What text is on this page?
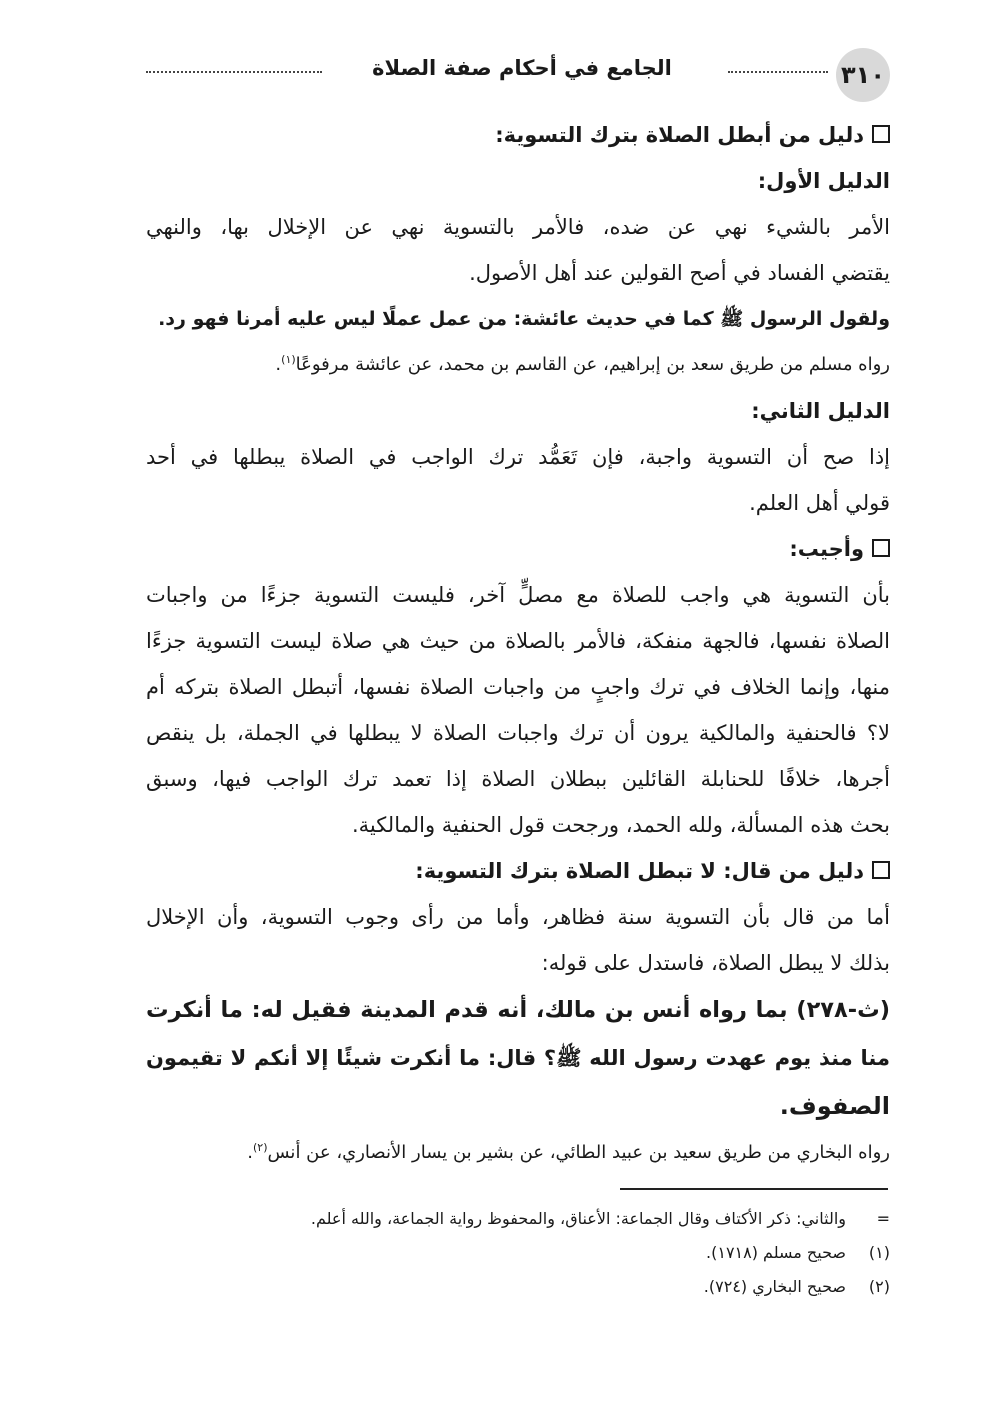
٣١٠
الجامع في أحكام صفة الصلاة
دليل من أبطل الصلاة بترك التسوية:
الدليل الأول:
الأمر بالشيء نهي عن ضده، فالأمر بالتسوية نهي عن الإخلال بها، والنهي
يقتضي الفساد في أصح القولين عند أهل الأصول.
ولقول الرسول ﷺ كما في حديث عائشة: من عمل عملًا ليس عليه أمرنا فهو رد.
رواه مسلم من طريق سعد بن إبراهيم، عن القاسم بن محمد، عن عائشة مرفوعًا$^{(١)}$.
الدليل الثاني:
إذا صح أن التسوية واجبة، فإن تَعَمُّد ترك الواجب في الصلاة يبطلها في أحد
قولي أهل العلم.
وأجيب:
بأن التسوية هي واجب للصلاة مع مصلٍّ آخر، فليست التسوية جزءًا من واجبات
الصلاة نفسها، فالجهة منفكة، فالأمر بالصلاة من حيث هي صلاة ليست التسوية جزءًا
منها، وإنما الخلاف في ترك واجبٍ من واجبات الصلاة نفسها، أتبطل الصلاة بتركه أم
لا؟ فالحنفية والمالكية يرون أن ترك واجبات الصلاة لا يبطلها في الجملة، بل ينقص
أجرها، خلافًا للحنابلة القائلين ببطلان الصلاة إذا تعمد ترك الواجب فيها، وسبق
بحث هذه المسألة، ولله الحمد، ورجحت قول الحنفية والمالكية.
دليل من قال: لا تبطل الصلاة بترك التسوية:
أما من قال بأن التسوية سنة فظاهر، وأما من رأى وجوب التسوية، وأن الإخلال
بذلك لا يبطل الصلاة، فاستدل على قوله:
(ث-٢٧٨) بما رواه أنس بن مالك، أنه قدم المدينة فقيل له: ما أنكرت
منا منذ يوم عهدت رسول الله ﷺ؟ قال: ما أنكرت شيئًا إلا أنكم لا تقيمون
الصفوف.
رواه البخاري من طريق سعيد بن عبيد الطائي، عن بشير بن يسار الأنصاري، عن أنس$^{(٢)}$.
=والثاني: ذكر الأكتاف وقال الجماعة: الأعناق، والمحفوظ رواية الجماعة، والله أعلم.
(١)صحيح مسلم (١٧١٨).
(٢)صحيح البخاري (٧٢٤).
